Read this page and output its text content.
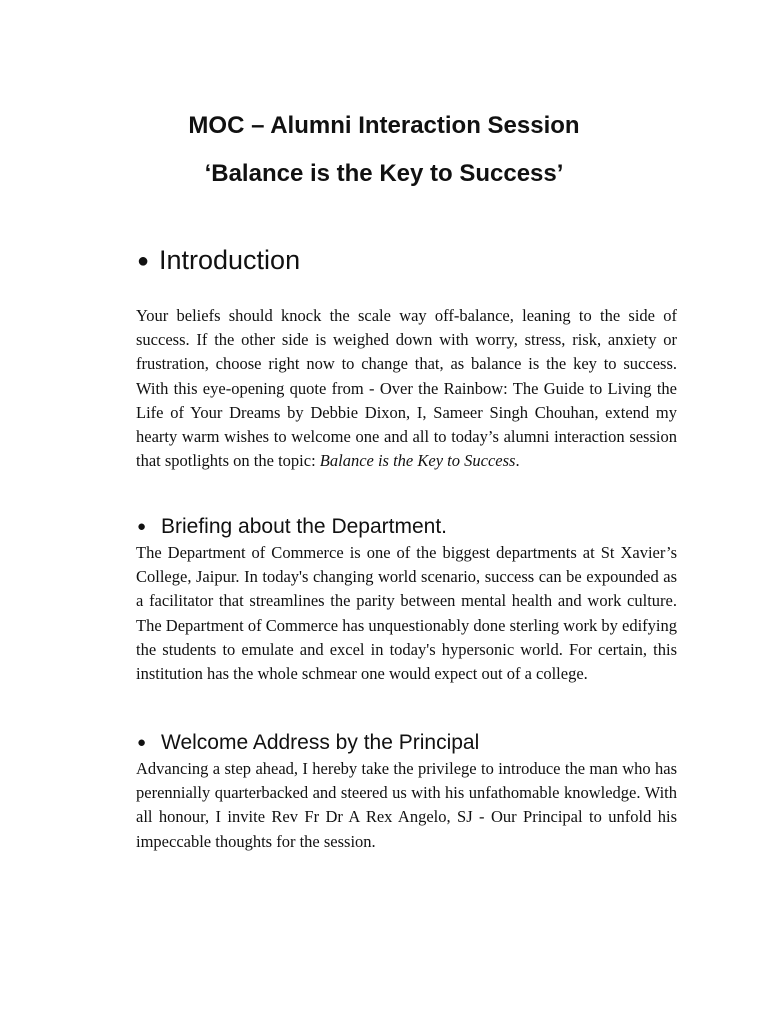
MOC – Alumni Interaction Session
‘Balance is the Key to Success’
● Introduction

Your beliefs should knock the scale way off-balance, leaning to the side of success. If the other side is weighed down with worry, stress, risk, anxiety or frustration, choose right now to change that, as balance is the key to success. With this eye-opening quote from - Over the Rainbow: The Guide to Living the Life of Your Dreams by Debbie Dixon, I, Sameer Singh Chouhan, extend my hearty warm wishes to welcome one and all to today’s alumni interaction session that spotlights on the topic: Balance is the Key to Success.

● Briefing about the Department.

The Department of Commerce is one of the biggest departments at St Xavier’s College, Jaipur. In today's changing world scenario, success can be expounded as a facilitator that streamlines the parity between mental health and work culture. The Department of Commerce has unquestionably done sterling work by edifying the students to emulate and excel in today's hypersonic world. For certain, this institution has the whole schmear one would expect out of a college.

● Welcome Address by the Principal

Advancing a step ahead, I hereby take the privilege to introduce the man who has perennially quarterbacked and steered us with his unfathomable knowledge. With all honour, I invite Rev Fr Dr A Rex Angelo, SJ - Our Principal to unfold his impeccable thoughts for the session.
